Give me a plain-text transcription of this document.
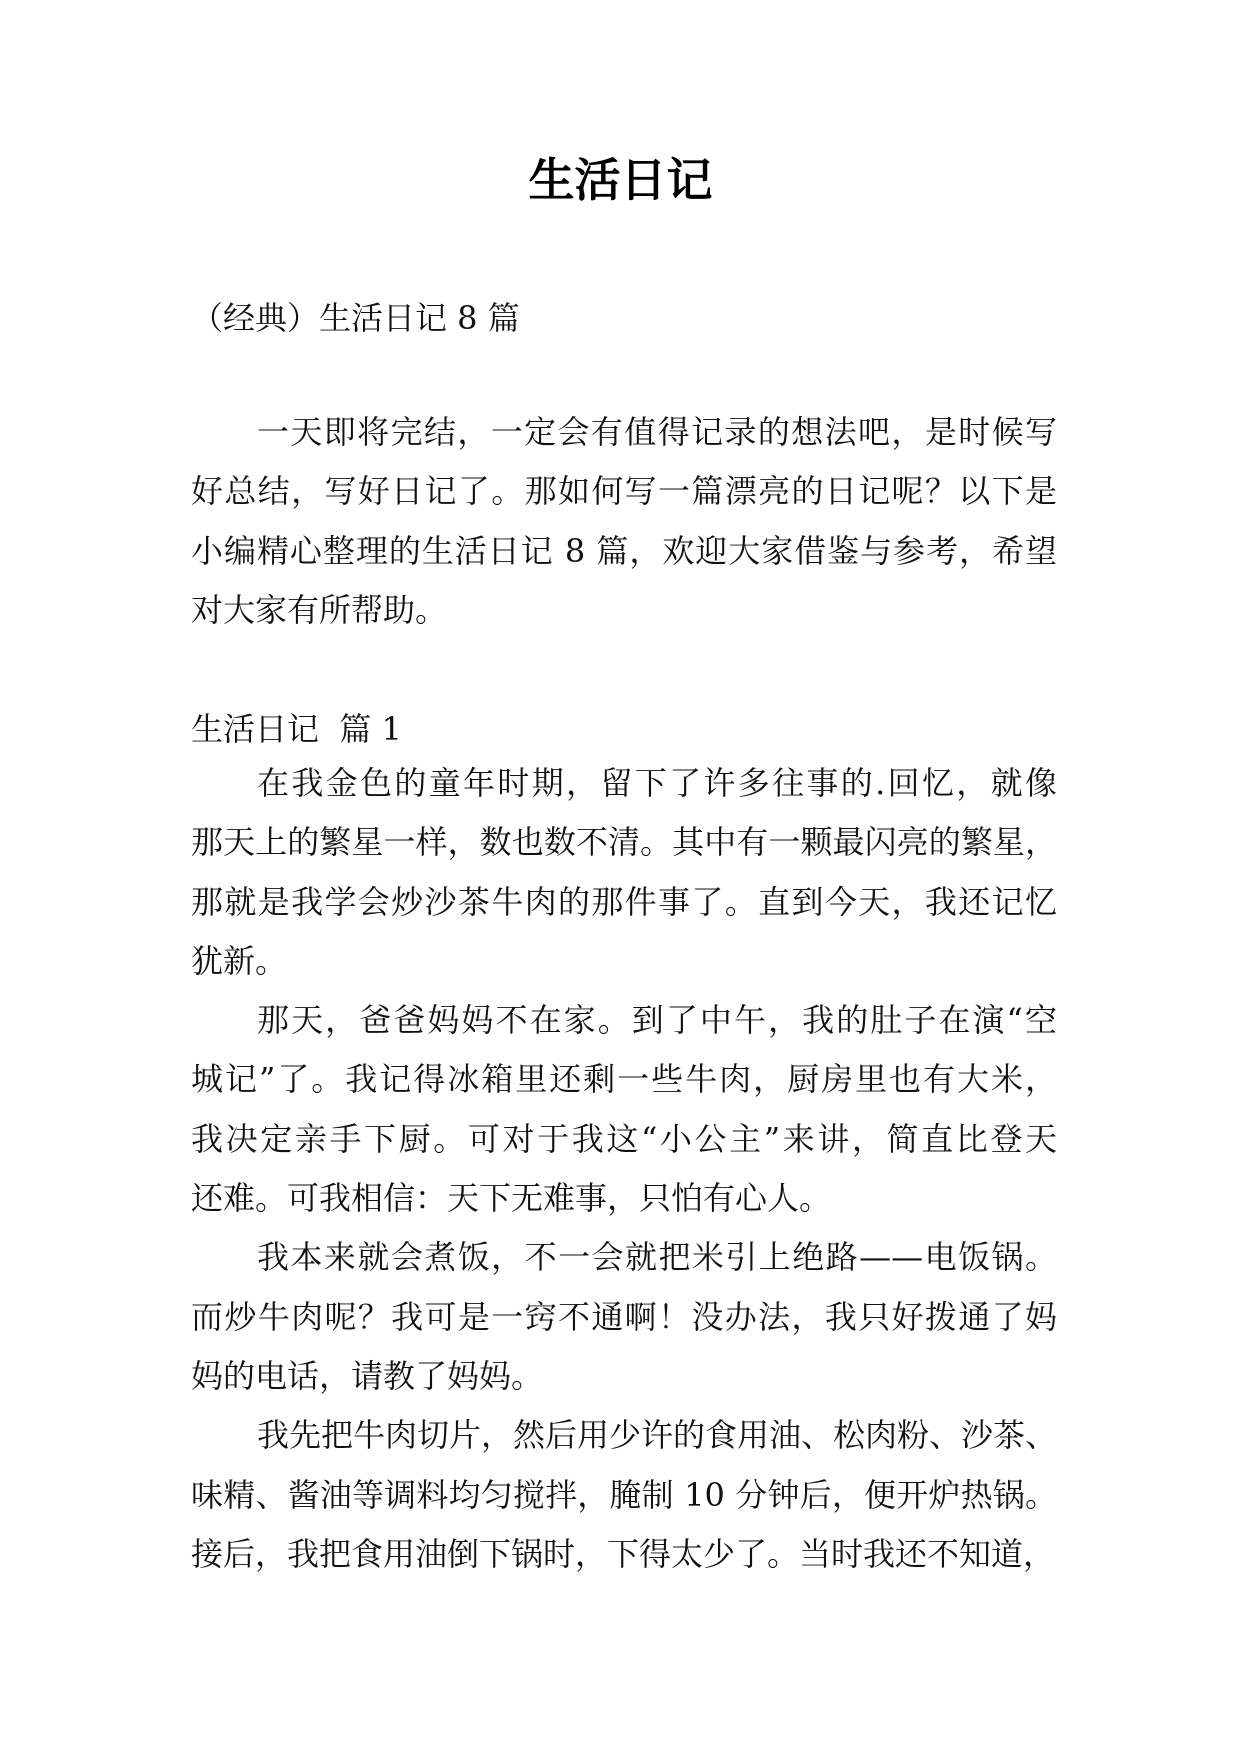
生活日记
（经典）生活日记 8 篇
一天即将完结，一定会有值得记录的想法吧，是时候写
好总结，写好日记了。那如何写一篇漂亮的日记呢？以下是
小编精心整理的生活日记 8 篇，欢迎大家借鉴与参考，希望
对大家有所帮助。
生活日记  篇 1
在我金色的童年时期，留下了许多往事的.回忆，就像
那天上的繁星一样，数也数不清。其中有一颗最闪亮的繁星，
那就是我学会炒沙茶牛肉的那件事了。直到今天，我还记忆
犹新。
那天，爸爸妈妈不在家。到了中午，我的肚子在演“空
城记”了。我记得冰箱里还剩一些牛肉，厨房里也有大米，
我决定亲手下厨。可对于我这“小公主”来讲，简直比登天
还难。可我相信：天下无难事，只怕有心人。
我本来就会煮饭，不一会就把米引上绝路——电饭锅。
而炒牛肉呢？我可是一窍不通啊！没办法，我只好拨通了妈
妈的电话，请教了妈妈。
我先把牛肉切片，然后用少许的食用油、松肉粉、沙茶、
味精、酱油等调料均匀搅拌，腌制 10 分钟后，便开炉热锅。
接后，我把食用油倒下锅时，下得太少了。当时我还不知道，
